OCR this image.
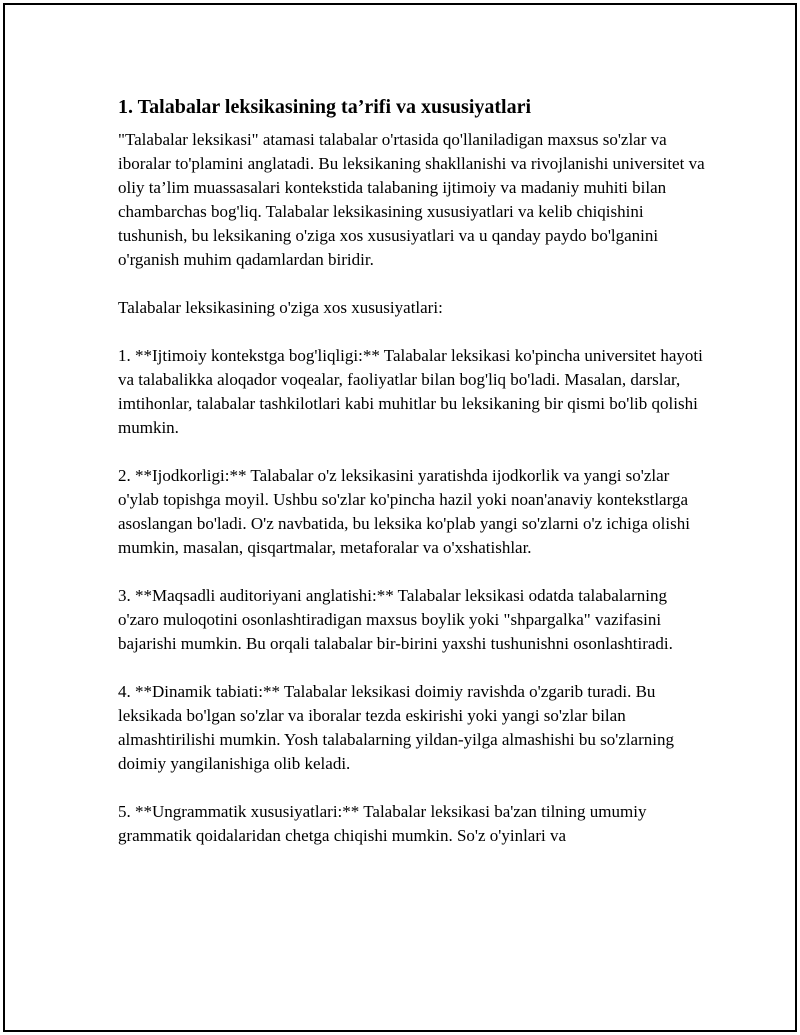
1. Talabalar leksikasining ta’rifi va xususiyatlari

"Talabalar leksikasi" atamasi talabalar o'rtasida qo'llaniladigan maxsus so'zlar va iboralar to'plamini anglatadi. Bu leksikaning shakllanishi va rivojlanishi universitet va oliy ta’lim muassasalari kontekstida talabaning ijtimoiy va madaniy muhiti bilan chambarchas bog'liq. Talabalar leksikasining xususiyatlari va kelib chiqishini tushunish, bu leksikaning o'ziga xos xususiyatlari va u qanday paydo bo'lganini o'rganish muhim qadamlardan biridir.

Talabalar leksikasining o'ziga xos xususiyatlari:

1. **Ijtimoiy kontekstga bog'liqligi:** Talabalar leksikasi ko'pincha universitet hayoti va talabalikka aloqador voqealar, faoliyatlar bilan bog'liq bo'ladi. Masalan, darslar, imtihonlar, talabalar tashkilotlari kabi muhitlar bu leksikaning bir qismi bo'lib qolishi mumkin.

2. **Ijodkorligi:** Talabalar o'z leksikasini yaratishda ijodkorlik va yangi so'zlar o'ylab topishga moyil. Ushbu so'zlar ko'pincha hazil yoki noan'anaviy kontekstlarga asoslangan bo'ladi. O'z navbatida, bu leksika ko'plab yangi so'zlarni o'z ichiga olishi mumkin, masalan, qisqartmalar, metaforalar va o'xshatishlar.

3. **Maqsadli auditoriyani anglatishi:** Talabalar leksikasi odatda talabalarning o'zaro muloqotini osonlashtiradigan maxsus boylik yoki "shpargalka" vazifasini bajarishi mumkin. Bu orqali talabalar bir-birini yaxshi tushunishni osonlashtiradi.

4. **Dinamik tabiati:** Talabalar leksikasi doimiy ravishda o'zgarib turadi. Bu leksikada bo'lgan so'zlar va iboralar tezda eskirishi yoki yangi so'zlar bilan almashtirilishi mumkin. Yosh talabalarning yildan-yilga almashishi bu so'zlarning doimiy yangilanishiga olib keladi.

5. **Ungrammatik xususiyatlari:** Talabalar leksikasi ba'zan tilning umumiy grammatik qoidalaridan chetga chiqishi mumkin. So'z o'yinlari va
